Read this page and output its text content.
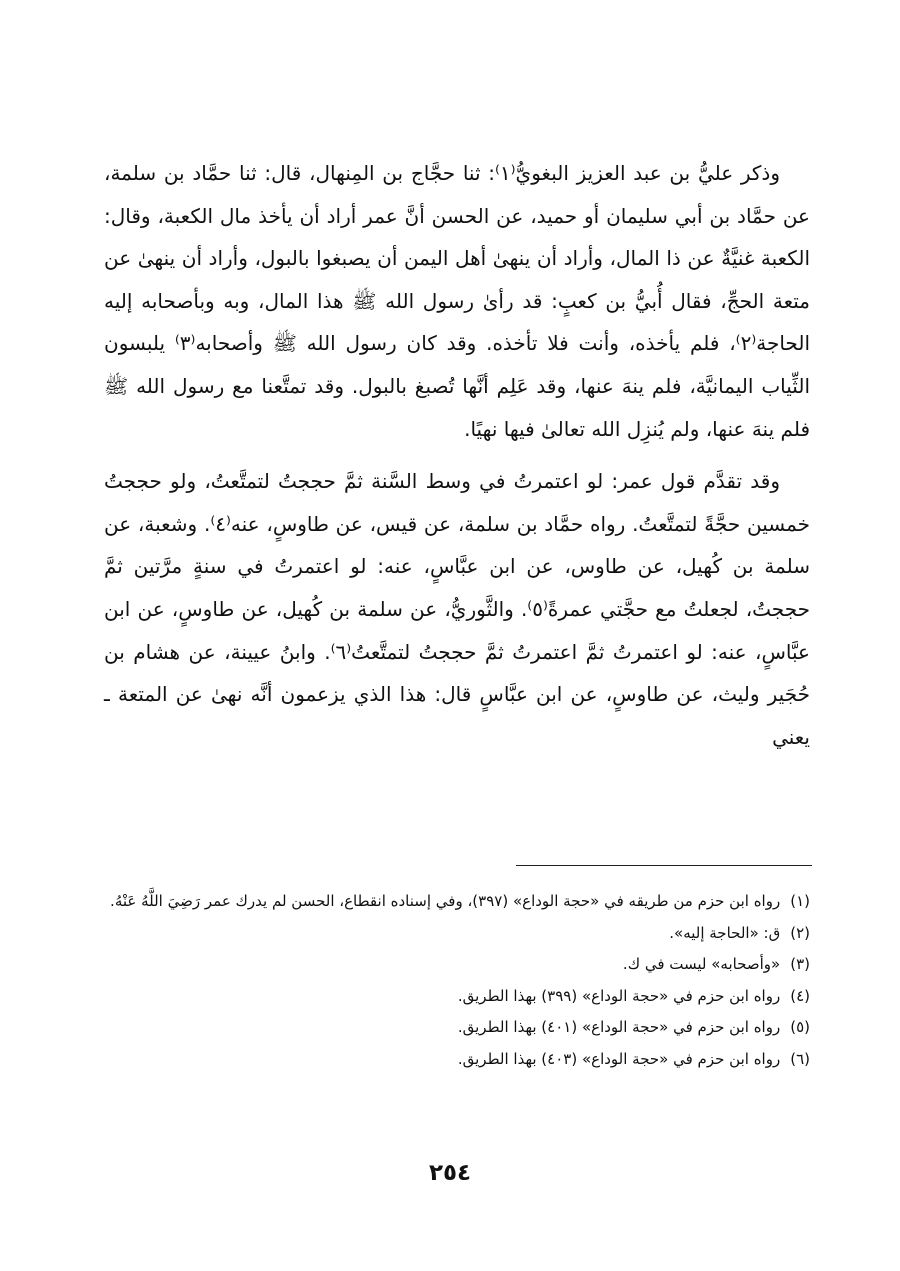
وذكر عليُّ بن عبد العزيز البغويُّ⁽١⁾: ثنا حجَّاج بن المِنهال، قال: ثنا حمَّاد بن سلمة، عن حمَّاد بن أبي سليمان أو حميد، عن الحسن أنَّ عمر أراد أن يأخذ مال الكعبة، وقال: الكعبة غنيَّةٌ عن ذا المال، وأراد أن ينهىٰ أهل اليمن أن يصبغوا بالبول، وأراد أن ينهىٰ عن متعة الحجِّ، فقال أُبيُّ بن كعبٍ: قد رأىٰ رسول الله ﷺ هذا المال، وبه وبأصحابه إليه الحاجة⁽٢⁾، فلم يأخذه، وأنت فلا تأخذه. وقد كان رسول الله ﷺ وأصحابه⁽٣⁾ يلبسون الثِّياب اليمانيَّة، فلم ينهَ عنها، وقد عَلِم أنَّها تُصبغ بالبول. وقد تمتَّعنا مع رسول الله ﷺ فلم ينهَ عنها، ولم يُنزِل الله تعالىٰ فيها نهيًا.

وقد تقدَّم قول عمر: لو اعتمرتُ في وسط السَّنة ثمَّ حججتُ لتمتَّعتُ، ولو حججتُ خمسين حجَّةً لتمتَّعتُ. رواه حمَّاد بن سلمة، عن قيس، عن طاوسٍ، عنه⁽٤⁾. وشعبة، عن سلمة بن كُهيل، عن طاوس، عن ابن عبَّاسٍ، عنه: لو اعتمرتُ في سنةٍ مرَّتين ثمَّ حججتُ، لجعلتُ مع حجَّتي عمرةً⁽٥⁾. والثَّوريُّ، عن سلمة بن كُهيل، عن طاوسٍ، عن ابن عبَّاسٍ، عنه: لو اعتمرتُ ثمَّ اعتمرتُ ثمَّ حججتُ لتمتَّعتُ⁽٦⁾. وابنُ عيينة، عن هشام بن حُجَير وليث، عن طاوسٍ، عن ابن عبَّاسٍ قال: هذا الذي يزعمون أنَّه نهىٰ عن المتعة ـ يعني

(١)
رواه ابن حزم من طريقه في «حجة الوداع» (٣٩٧)، وفي إسناده انقطاع، الحسن لم يدرك عمر رَضِيَ اللَّهُ عَنْهُ.
(٢)
ق: «الحاجة إليه».
(٣)
«وأصحابه» ليست في ك.
(٤)
رواه ابن حزم في «حجة الوداع» (٣٩٩) بهذا الطريق.
(٥)
رواه ابن حزم في «حجة الوداع» (٤٠١) بهذا الطريق.
(٦)
رواه ابن حزم في «حجة الوداع» (٤٠٣) بهذا الطريق.
٢٥٤
